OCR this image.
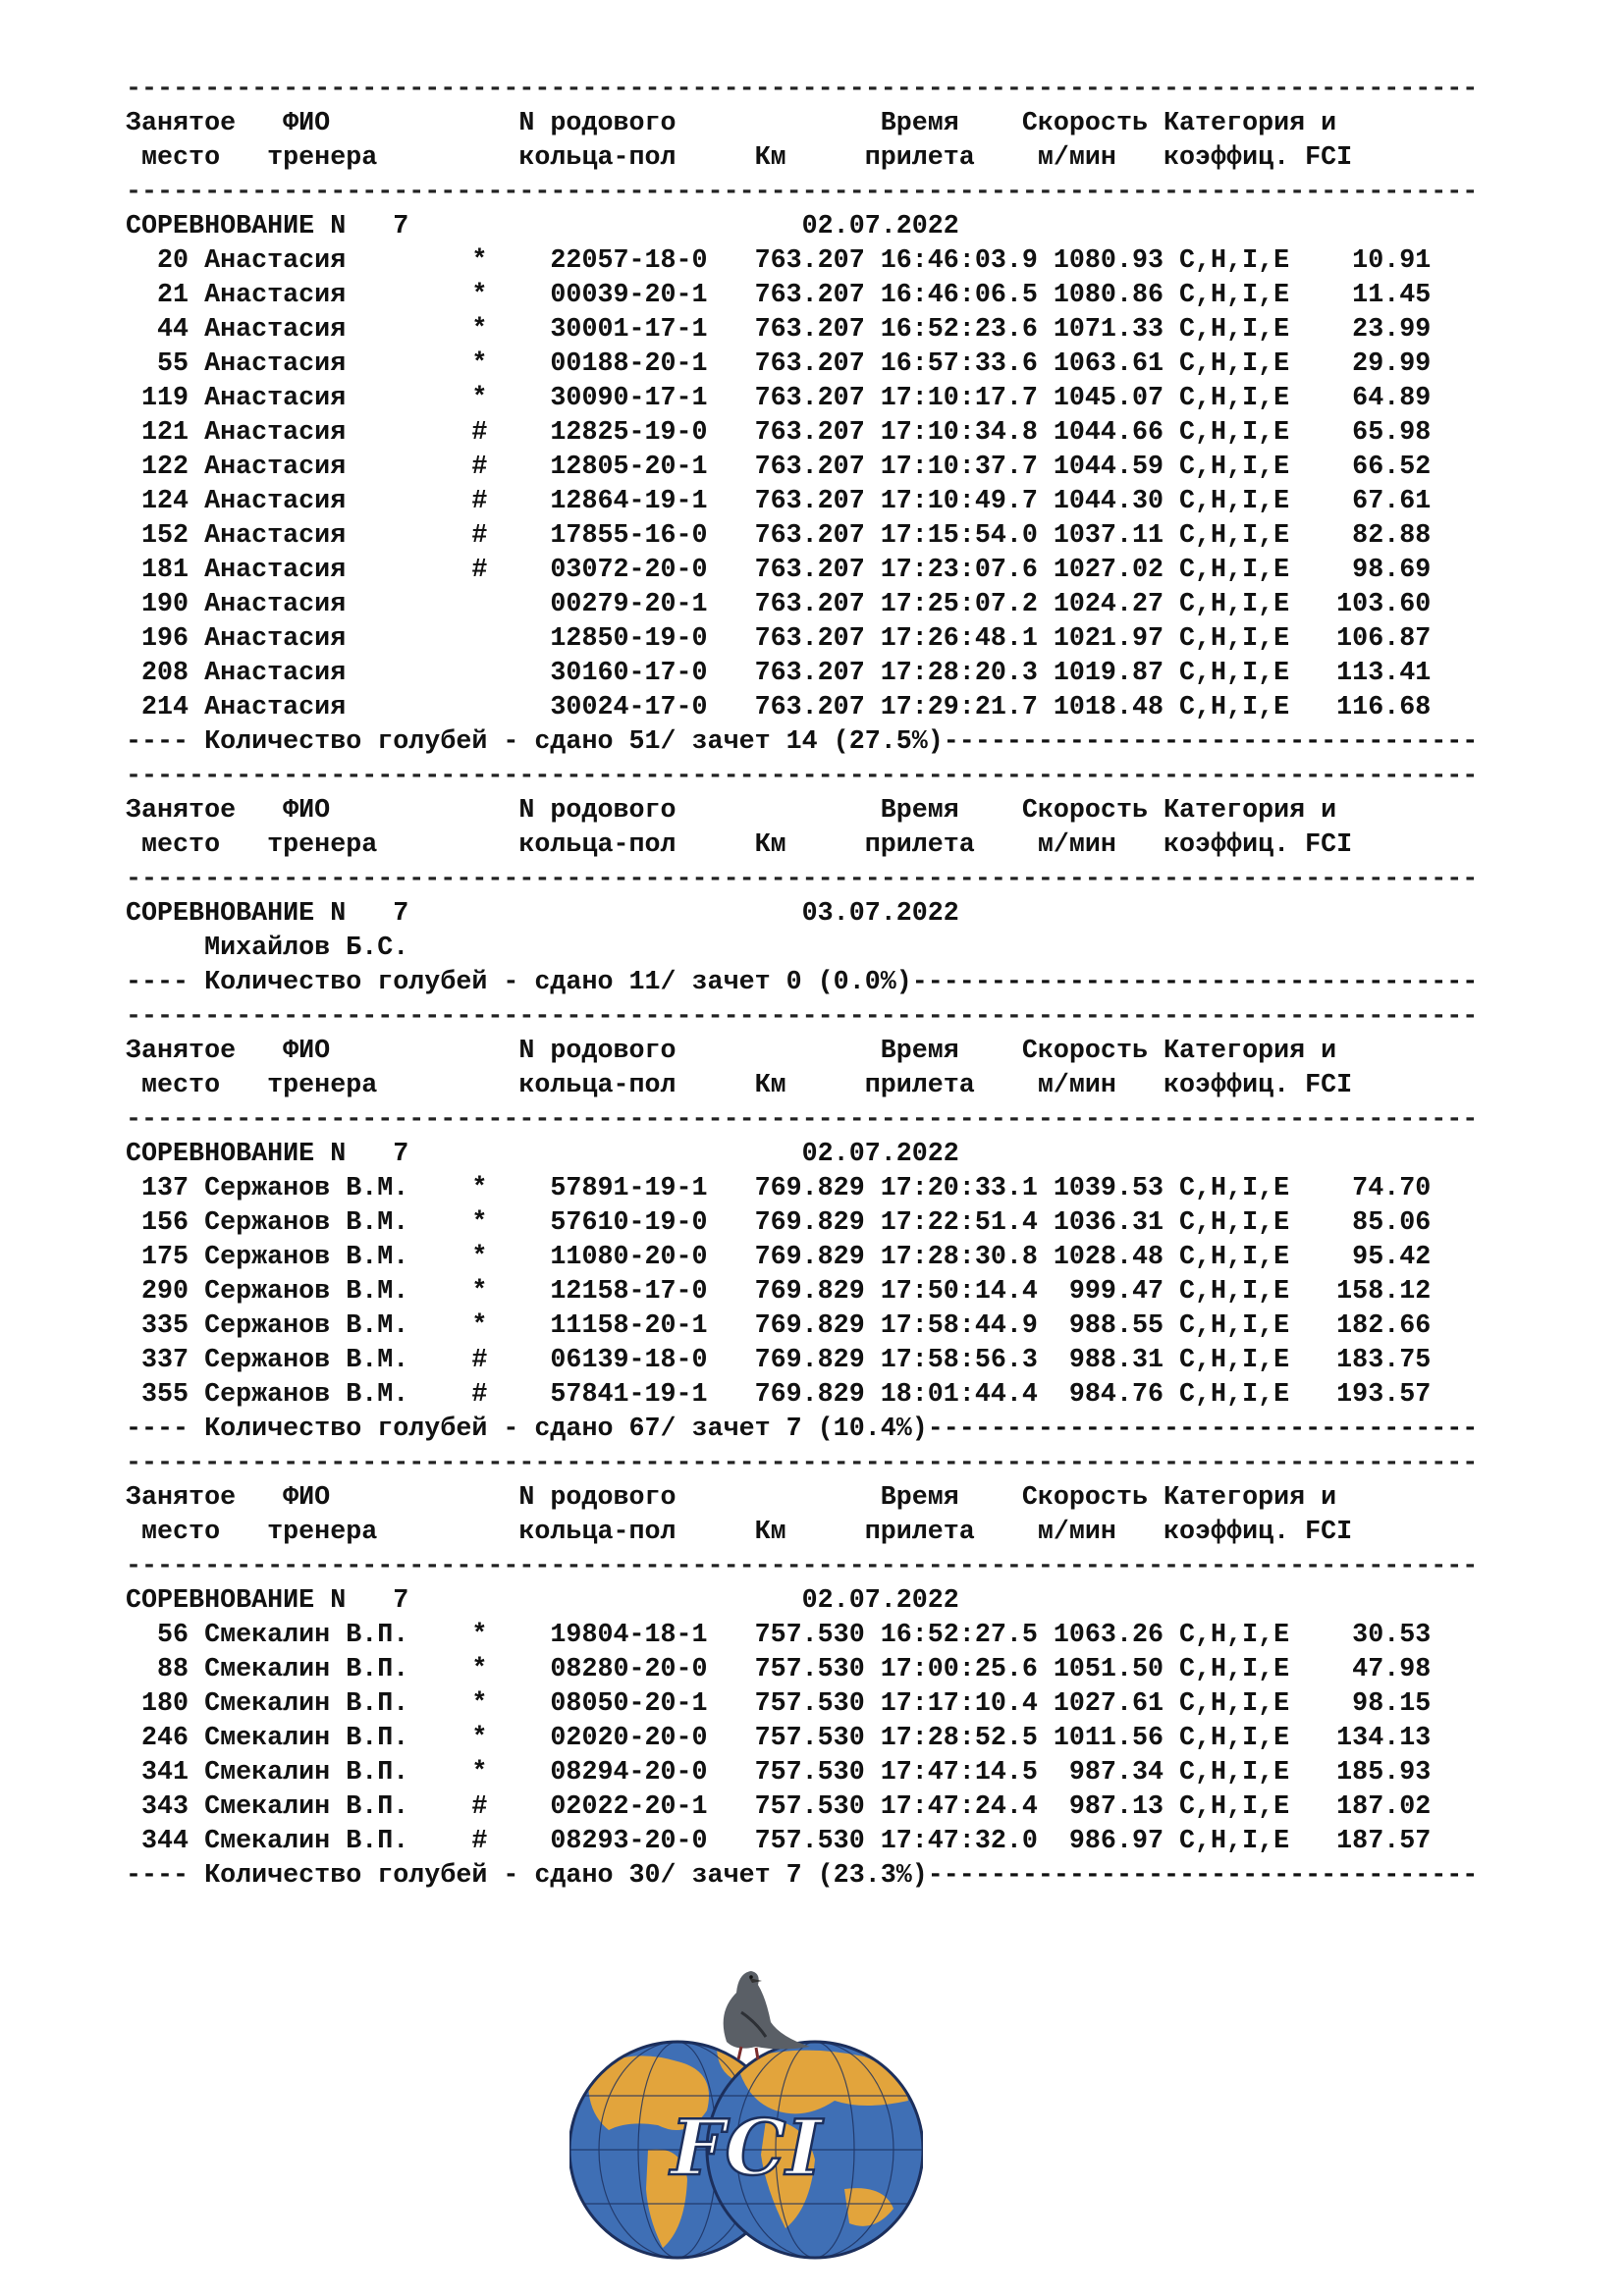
--------------------------------------------------------------------------------------
Занятое   ФИО            N родового             Время    Скорость Категория и
место   тренера         кольца-пол     Км     прилета    м/мин   коэффиц. FCI
--------------------------------------------------------------------------------------
СОРЕВНОВАНИЕ N   7                         02.07.2022
20 Анастасия        *    22057-18-0   763.207 16:46:03.9 1080.93 C,H,I,E    10.91
21 Анастасия        *    00039-20-1   763.207 16:46:06.5 1080.86 C,H,I,E    11.45
44 Анастасия        *    30001-17-1   763.207 16:52:23.6 1071.33 C,H,I,E    23.99
55 Анастасия        *    00188-20-1   763.207 16:57:33.6 1063.61 C,H,I,E    29.99
119 Анастасия        *    30090-17-1   763.207 17:10:17.7 1045.07 C,H,I,E    64.89
121 Анастасия        #    12825-19-0   763.207 17:10:34.8 1044.66 C,H,I,E    65.98
122 Анастасия        #    12805-20-1   763.207 17:10:37.7 1044.59 C,H,I,E    66.52
124 Анастасия        #    12864-19-1   763.207 17:10:49.7 1044.30 C,H,I,E    67.61
152 Анастасия        #    17855-16-0   763.207 17:15:54.0 1037.11 C,H,I,E    82.88
181 Анастасия        #    03072-20-0   763.207 17:23:07.6 1027.02 C,H,I,E    98.69
190 Анастасия             00279-20-1   763.207 17:25:07.2 1024.27 C,H,I,E   103.60
196 Анастасия             12850-19-0   763.207 17:26:48.1 1021.97 C,H,I,E   106.87
208 Анастасия             30160-17-0   763.207 17:28:20.3 1019.87 C,H,I,E   113.41
214 Анастасия             30024-17-0   763.207 17:29:21.7 1018.48 C,H,I,E   116.68
---- Количество голубей - сдано 51/ зачет 14 (27.5%)----------------------------------
--------------------------------------------------------------------------------------
Занятое   ФИО            N родового             Время    Скорость Категория и
место   тренера         кольца-пол     Км     прилета    м/мин   коэффиц. FCI
--------------------------------------------------------------------------------------
СОРЕВНОВАНИЕ N   7                         03.07.2022
Михайлов Б.С.
---- Количество голубей - сдано 11/ зачет 0 (0.0%)------------------------------------
--------------------------------------------------------------------------------------
Занятое   ФИО            N родового             Время    Скорость Категория и
место   тренера         кольца-пол     Км     прилета    м/мин   коэффиц. FCI
--------------------------------------------------------------------------------------
СОРЕВНОВАНИЕ N   7                         02.07.2022
137 Сержанов В.М.    *    57891-19-1   769.829 17:20:33.1 1039.53 C,H,I,E    74.70
156 Сержанов В.М.    *    57610-19-0   769.829 17:22:51.4 1036.31 C,H,I,E    85.06
175 Сержанов В.М.    *    11080-20-0   769.829 17:28:30.8 1028.48 C,H,I,E    95.42
290 Сержанов В.М.    *    12158-17-0   769.829 17:50:14.4  999.47 C,H,I,E   158.12
335 Сержанов В.М.    *    11158-20-1   769.829 17:58:44.9  988.55 C,H,I,E   182.66
337 Сержанов В.М.    #    06139-18-0   769.829 17:58:56.3  988.31 C,H,I,E   183.75
355 Сержанов В.М.    #    57841-19-1   769.829 18:01:44.4  984.76 C,H,I,E   193.57
---- Количество голубей - сдано 67/ зачет 7 (10.4%)-----------------------------------
--------------------------------------------------------------------------------------
Занятое   ФИО            N родового             Время    Скорость Категория и
место   тренера         кольца-пол     Км     прилета    м/мин   коэффиц. FCI
--------------------------------------------------------------------------------------
СОРЕВНОВАНИЕ N   7                         02.07.2022
56 Смекалин В.П.    *    19804-18-1   757.530 16:52:27.5 1063.26 C,H,I,E    30.53
88 Смекалин В.П.    *    08280-20-0   757.530 17:00:25.6 1051.50 C,H,I,E    47.98
180 Смекалин В.П.    *    08050-20-1   757.530 17:17:10.4 1027.61 C,H,I,E    98.15
246 Смекалин В.П.    *    02020-20-0   757.530 17:28:52.5 1011.56 C,H,I,E   134.13
341 Смекалин В.П.    *    08294-20-0   757.530 17:47:14.5  987.34 C,H,I,E   185.93
343 Смекалин В.П.    #    02022-20-1   757.530 17:47:24.4  987.13 C,H,I,E   187.02
344 Смекалин В.П.    #    08293-20-0   757.530 17:47:32.0  986.97 C,H,I,E   187.57
---- Количество голубей - сдано 30/ зачет 7 (23.3%)-----------------------------------
FCI
